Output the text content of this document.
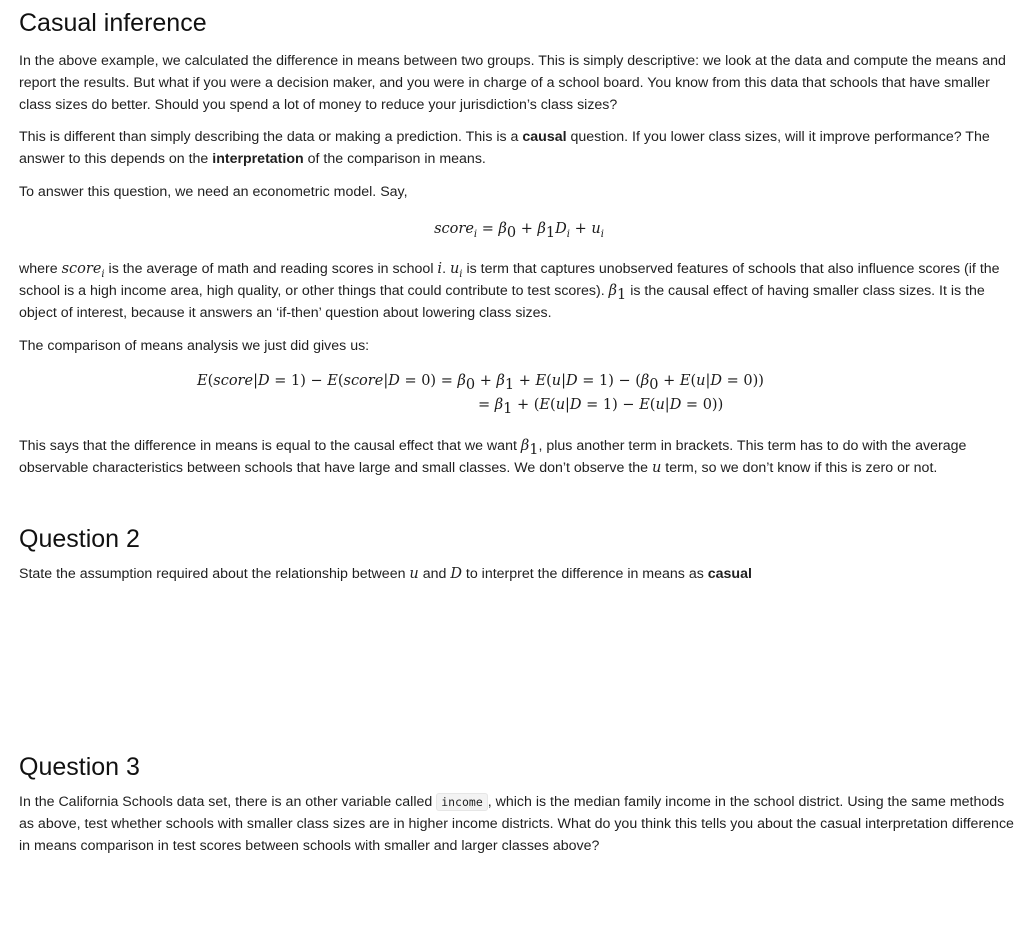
Casual inference

In the above example, we calculated the difference in means between two groups. This is simply descriptive: we look at the data and compute the means and report the results. But what if you were a decision maker, and you were in charge of a school board. You know from this data that schools that have smaller class sizes do better. Should you spend a lot of money to reduce your jurisdiction’s class sizes?

This is different than simply describing the data or making a prediction. This is a causal question. If you lower class sizes, will it improve performance? The answer to this depends on the interpretation of the comparison in means.

To answer this question, we need an econometric model. Say,

score$_i$ = $\beta_0 + \beta_1D_i + u_i$

where score$_i$ is the average of math and reading scores in school i. $u_i$ is term that captures unobserved features of schools that also influence scores (if the school is a high income area, high quality, or other things that could contribute to test scores). $\beta_1$ is the causal effect of having smaller class sizes. It is the object of interest, because it answers an ‘if-then’ question about lowering class sizes.

The comparison of means analysis we just did gives us:

E(score|D = 1) − E(score|D = $0) = \beta_0 + \beta_1 + E(u|D = 1) - (\beta_0 + E(u|D = 0))$
= $\beta_1 + (E(u|D = 1) - E(u|D = 0))$

This says that the difference in means is equal to the causal effect that we want $\beta_1$, plus another term in brackets. This term has to do with the average observable characteristics between schools that have large and small classes. We don’t observe the u term, so we don’t know if this is zero or not.

Question 2

State the assumption required about the relationship between u and D to interpret the difference in means as casual

Question 3

In the California Schools data set, there is an other variable called income , which is the median family income in the school district. Using the same methods as above, test whether schools with smaller class sizes are in higher income districts. What do you think this tells you about the casual interpretation difference in means comparison in test scores between schools with smaller and larger classes above?
